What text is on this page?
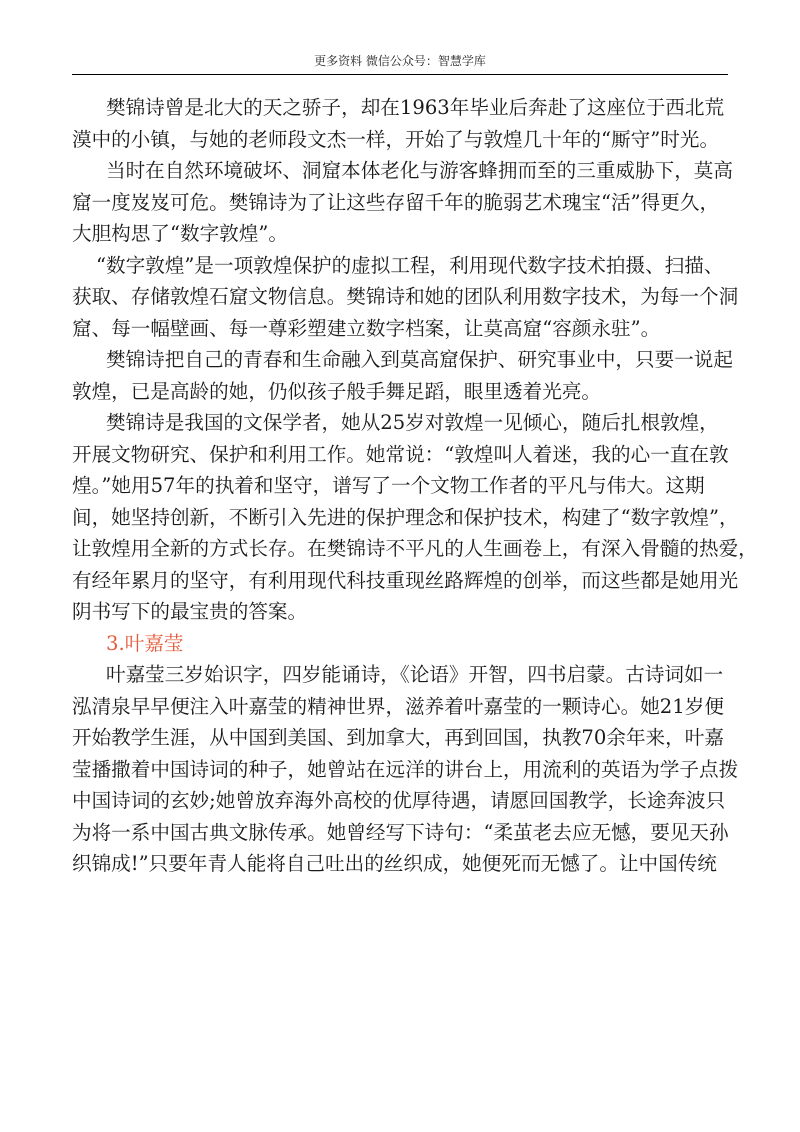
更多资料 微信公众号：智慧学库

樊锦诗曾是北大的天之骄子，却在1963年毕业后奔赴了这座位于西北荒
漠中的小镇，与她的老师段文杰一样，开始了与敦煌几十年的“厮守”时光。

当时在自然环境破坏、洞窟本体老化与游客蜂拥而至的三重威胁下，莫高
窟一度岌岌可危。樊锦诗为了让这些存留千年的脆弱艺术瑰宝“活”得更久，
大胆构思了“数字敦煌”。

“数字敦煌”是一项敦煌保护的虚拟工程，利用现代数字技术拍摄、扫描、
获取、存储敦煌石窟文物信息。樊锦诗和她的团队利用数字技术，为每一个洞
窟、每一幅壁画、每一尊彩塑建立数字档案，让莫高窟“容颜永驻”。

樊锦诗把自己的青春和生命融入到莫高窟保护、研究事业中，只要一说起
敦煌，已是高龄的她，仍似孩子般手舞足蹈，眼里透着光亮。

樊锦诗是我国的文保学者，她从25岁对敦煌一见倾心，随后扎根敦煌，
开展文物研究、保护和利用工作。她常说：“敦煌叫人着迷，我的心一直在敦
煌。”她用57年的执着和坚守，谱写了一个文物工作者的平凡与伟大。这期
间，她坚持创新，不断引入先进的保护理念和保护技术，构建了“数字敦煌”，
让敦煌用全新的方式长存。在樊锦诗不平凡的人生画卷上，有深入骨髓的热爱，
有经年累月的坚守，有利用现代科技重现丝路辉煌的创举，而这些都是她用光
阴书写下的最宝贵的答案。

3.叶嘉莹

叶嘉莹三岁始识字，四岁能诵诗，《论语》开智，四书启蒙。古诗词如一
泓清泉早早便注入叶嘉莹的精神世界，滋养着叶嘉莹的一颗诗心。她21岁便
开始教学生涯，从中国到美国、到加拿大，再到回国，执教70余年来，叶嘉
莹播撒着中国诗词的种子，她曾站在远洋的讲台上，用流利的英语为学子点拨
中国诗词的玄妙;她曾放弃海外高校的优厚待遇，请愿回国教学，长途奔波只
为将一系中国古典文脉传承。她曾经写下诗句：“柔茧老去应无憾，要见天孙
织锦成!”只要年青人能将自己吐出的丝织成，她便死而无憾了。让中国传统
